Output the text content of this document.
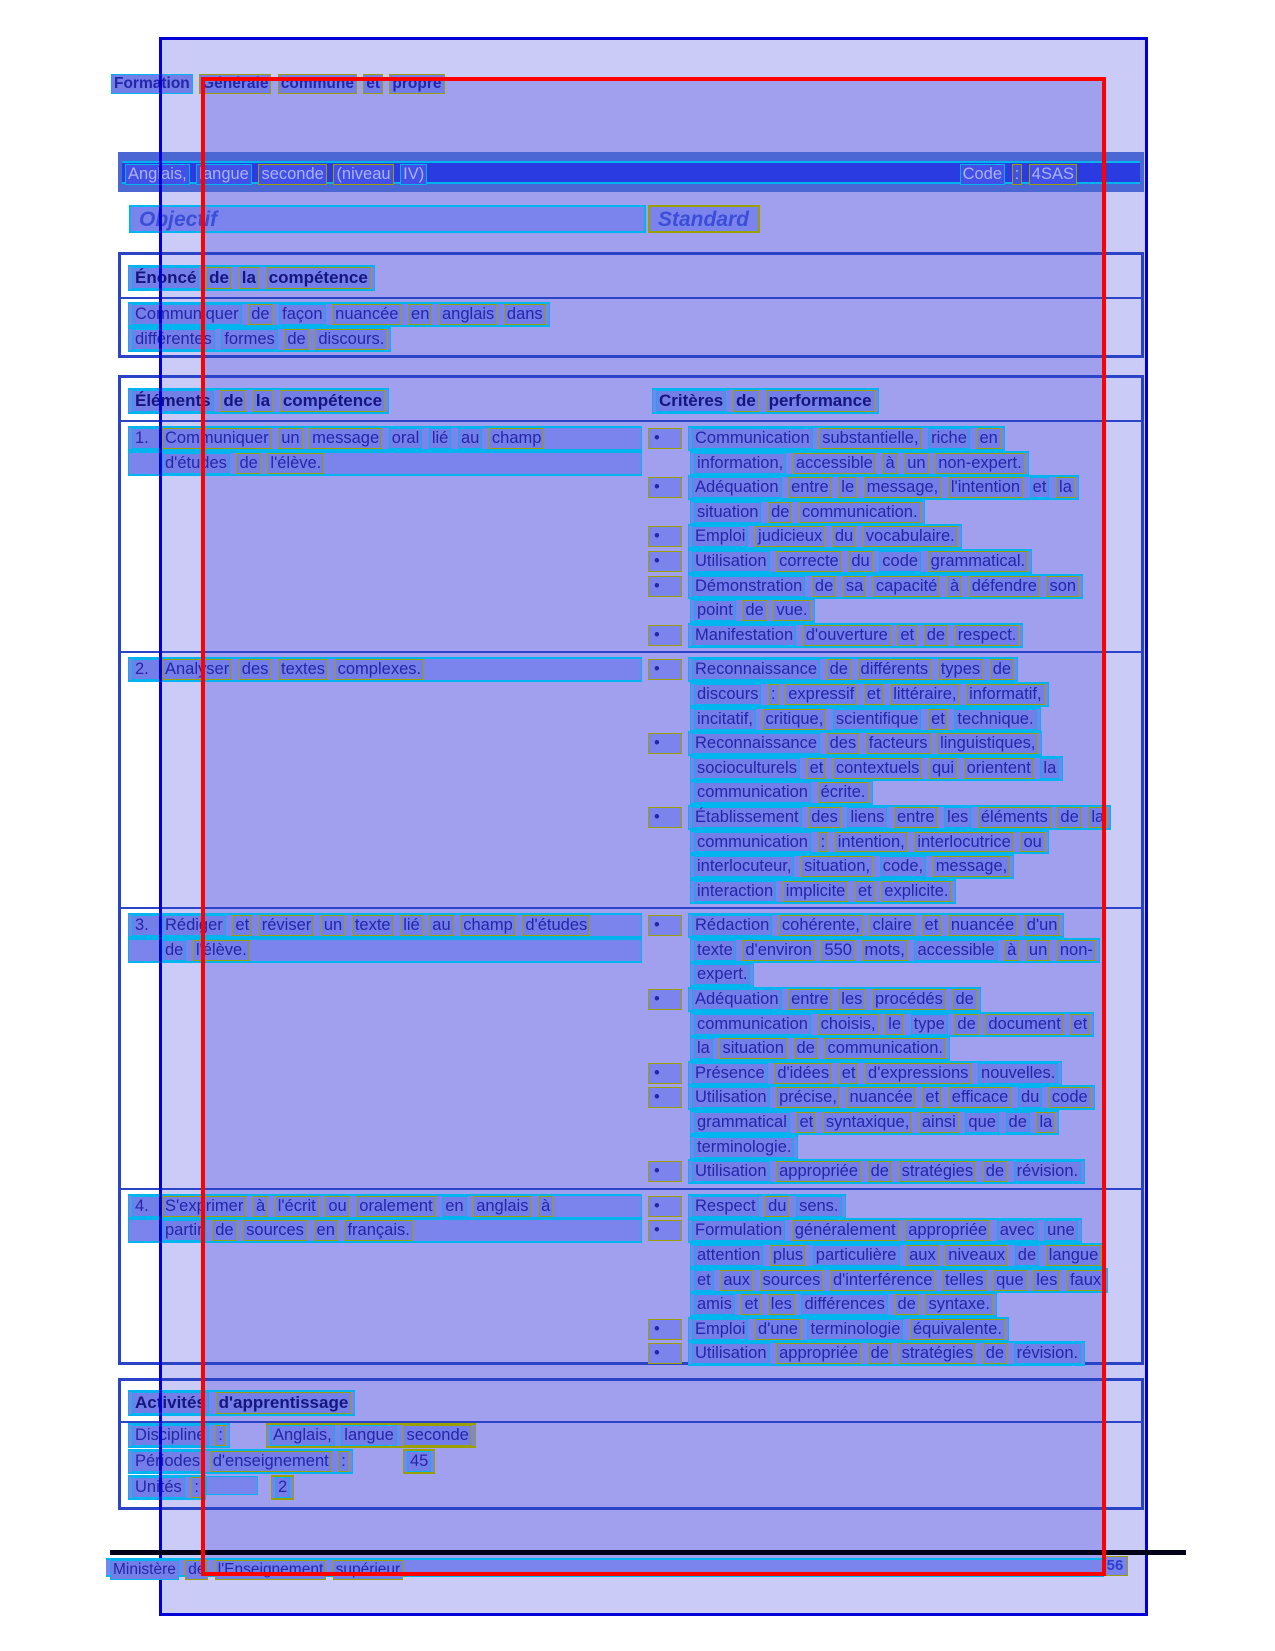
Formation Générale commune et propre
Anglais, langue seconde (niveau IV)	Code : 4SAS
Objectif	Standard
Énoncé de la compétence
Communiquer de façon nuancée en anglais dans
différentes formes de discours.
Éléments de la compétence	Critères de performance
1. Communiquer un message oral lié au champ
d'études de l'élève.
• Communication substantielle, riche en
information, accessible à un non-expert.
• Adéquation entre le message, l'intention et la
situation de communication.
• Emploi judicieux du vocabulaire.
• Utilisation correcte du code grammatical.
• Démonstration de sa capacité à défendre son
point de vue.
• Manifestation d'ouverture et de respect.
2. Analyser des textes complexes.	• Reconnaissance de différents types de
discours : expressif et littéraire, informatif,
incitatif, critique, scientifique et technique.
• Reconnaissance des facteurs linguistiques,
socioculturels et contextuels qui orientent la
communication écrite.
• Établissement des liens entre les éléments de la
communication : intention, interlocutrice ou
interlocuteur, situation, code, message,
interaction implicite et explicite.
3. Rédiger et réviser un texte lié au champ d'études
de l'élève.
• Rédaction cohérente, claire et nuancée d'un
texte d'environ 550 mots, accessible à un non-
expert.
• Adéquation entre les procédés de
communication choisis, le type de document et
la situation de communication.
• Présence d'idées et d'expressions nouvelles.
• Utilisation précise, nuancée et efficace du code
grammatical et syntaxique, ainsi que de la
terminologie.
• Utilisation appropriée de stratégies de révision.
4. S'exprimer à l'écrit ou oralement en anglais à
partir de sources en français.
• Respect du sens.
• Formulation généralement appropriée avec une
attention plus particulière aux niveaux de langue
et aux sources d'interférence telles que les faux
amis et les différences de syntaxe.
• Emploi d'une terminologie équivalente.
• Utilisation appropriée de stratégies de révision.
Activités d'apprentissage
Discipline :	Anglais, langue seconde
Périodes d'enseignement :	45
Unités :	2
Ministère de l'Enseignement supérieur	56
